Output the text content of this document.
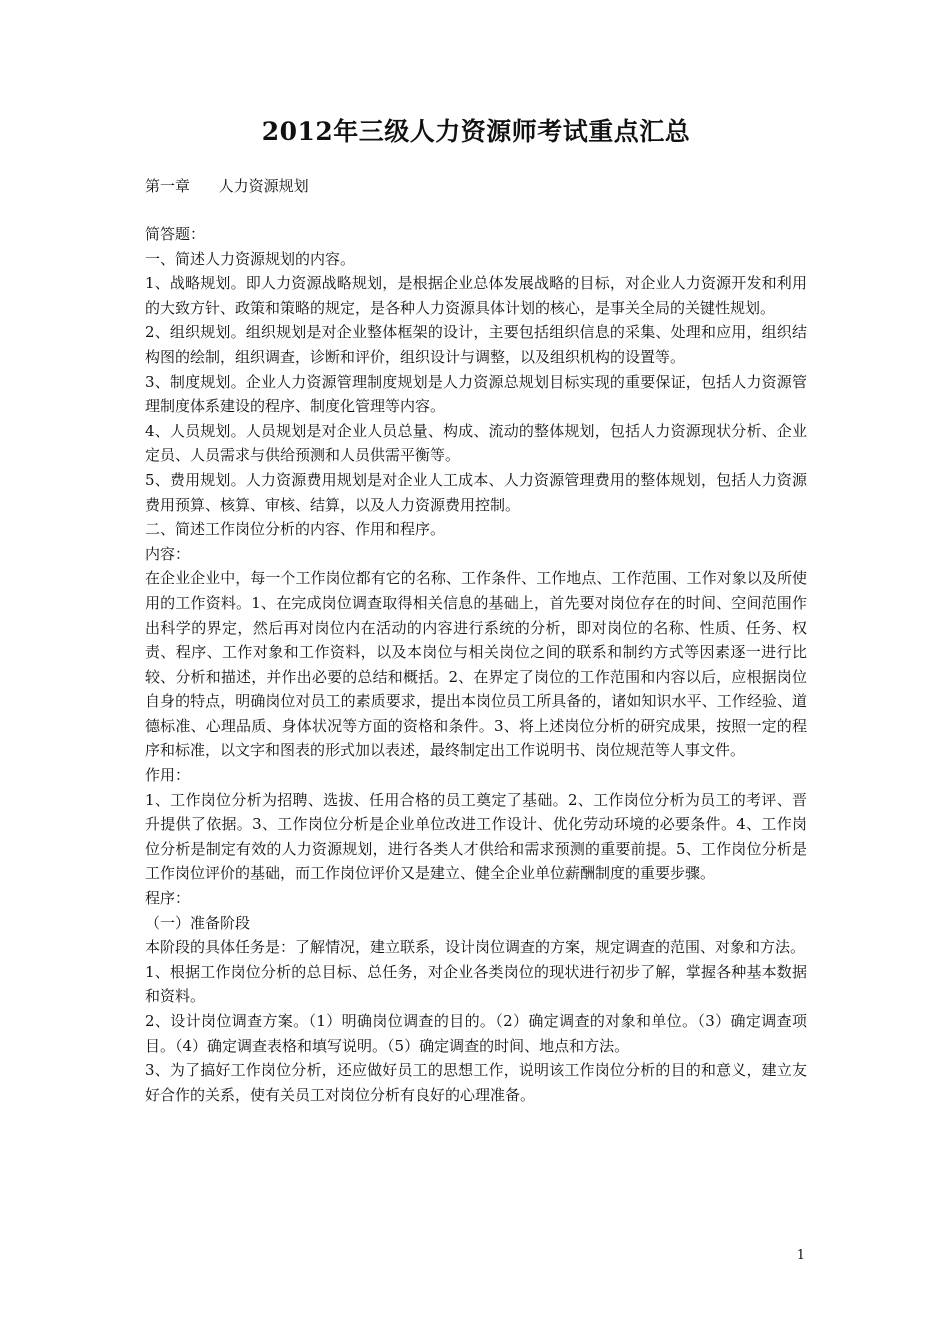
2012年三级人力资源师考试重点汇总
第一章      人力资源规划

简答题：

一、简述人力资源规划的内容。

1、战略规划。即人力资源战略规划，是根据企业总体发展战略的目标，对企业人力资源开发和利用的大致方针、政策和策略的规定，是各种人力资源具体计划的核心，是事关全局的关键性规划。

2、组织规划。组织规划是对企业整体框架的设计，主要包括组织信息的采集、处理和应用，组织结构图的绘制，组织调查，诊断和评价，组织设计与调整，以及组织机构的设置等。

3、制度规划。企业人力资源管理制度规划是人力资源总规划目标实现的重要保证，包括人力资源管理制度体系建设的程序、制度化管理等内容。

4、人员规划。人员规划是对企业人员总量、构成、流动的整体规划，包括人力资源现状分析、企业定员、人员需求与供给预测和人员供需平衡等。

5、费用规划。人力资源费用规划是对企业人工成本、人力资源管理费用的整体规划，包括人力资源费用预算、核算、审核、结算，以及人力资源费用控制。

二、简述工作岗位分析的内容、作用和程序。

内容：

在企业企业中，每一个工作岗位都有它的名称、工作条件、工作地点、工作范围、工作对象以及所使用的工作资料。1、在完成岗位调查取得相关信息的基础上，首先要对岗位存在的时间、空间范围作出科学的界定，然后再对岗位内在活动的内容进行系统的分析，即对岗位的名称、性质、任务、权责、程序、工作对象和工作资料，以及本岗位与相关岗位之间的联系和制约方式等因素逐一进行比较、分析和描述，并作出必要的总结和概括。2、在界定了岗位的工作范围和内容以后，应根据岗位自身的特点，明确岗位对员工的素质要求，提出本岗位员工所具备的，诸如知识水平、工作经验、道德标准、心理品质、身体状况等方面的资格和条件。3、将上述岗位分析的研究成果，按照一定的程序和标准，以文字和图表的形式加以表述，最终制定出工作说明书、岗位规范等人事文件。

作用：

1、工作岗位分析为招聘、选拔、任用合格的员工奠定了基础。2、工作岗位分析为员工的考评、晋升提供了依据。3、工作岗位分析是企业单位改进工作设计、优化劳动环境的必要条件。4、工作岗位分析是制定有效的人力资源规划，进行各类人才供给和需求预测的重要前提。5、工作岗位分析是工作岗位评价的基础，而工作岗位评价又是建立、健全企业单位薪酬制度的重要步骤。

程序：

（一）准备阶段

本阶段的具体任务是：了解情况，建立联系，设计岗位调查的方案，规定调查的范围、对象和方法。

1、根据工作岗位分析的总目标、总任务，对企业各类岗位的现状进行初步了解，掌握各种基本数据和资料。

2、设计岗位调查方案。（1）明确岗位调查的目的。（2）确定调查的对象和单位。（3）确定调查项目。（4）确定调查表格和填写说明。（5）确定调查的时间、地点和方法。

3、为了搞好工作岗位分析，还应做好员工的思想工作，说明该工作岗位分析的目的和意义，建立友好合作的关系，使有关员工对岗位分析有良好的心理准备。

1
